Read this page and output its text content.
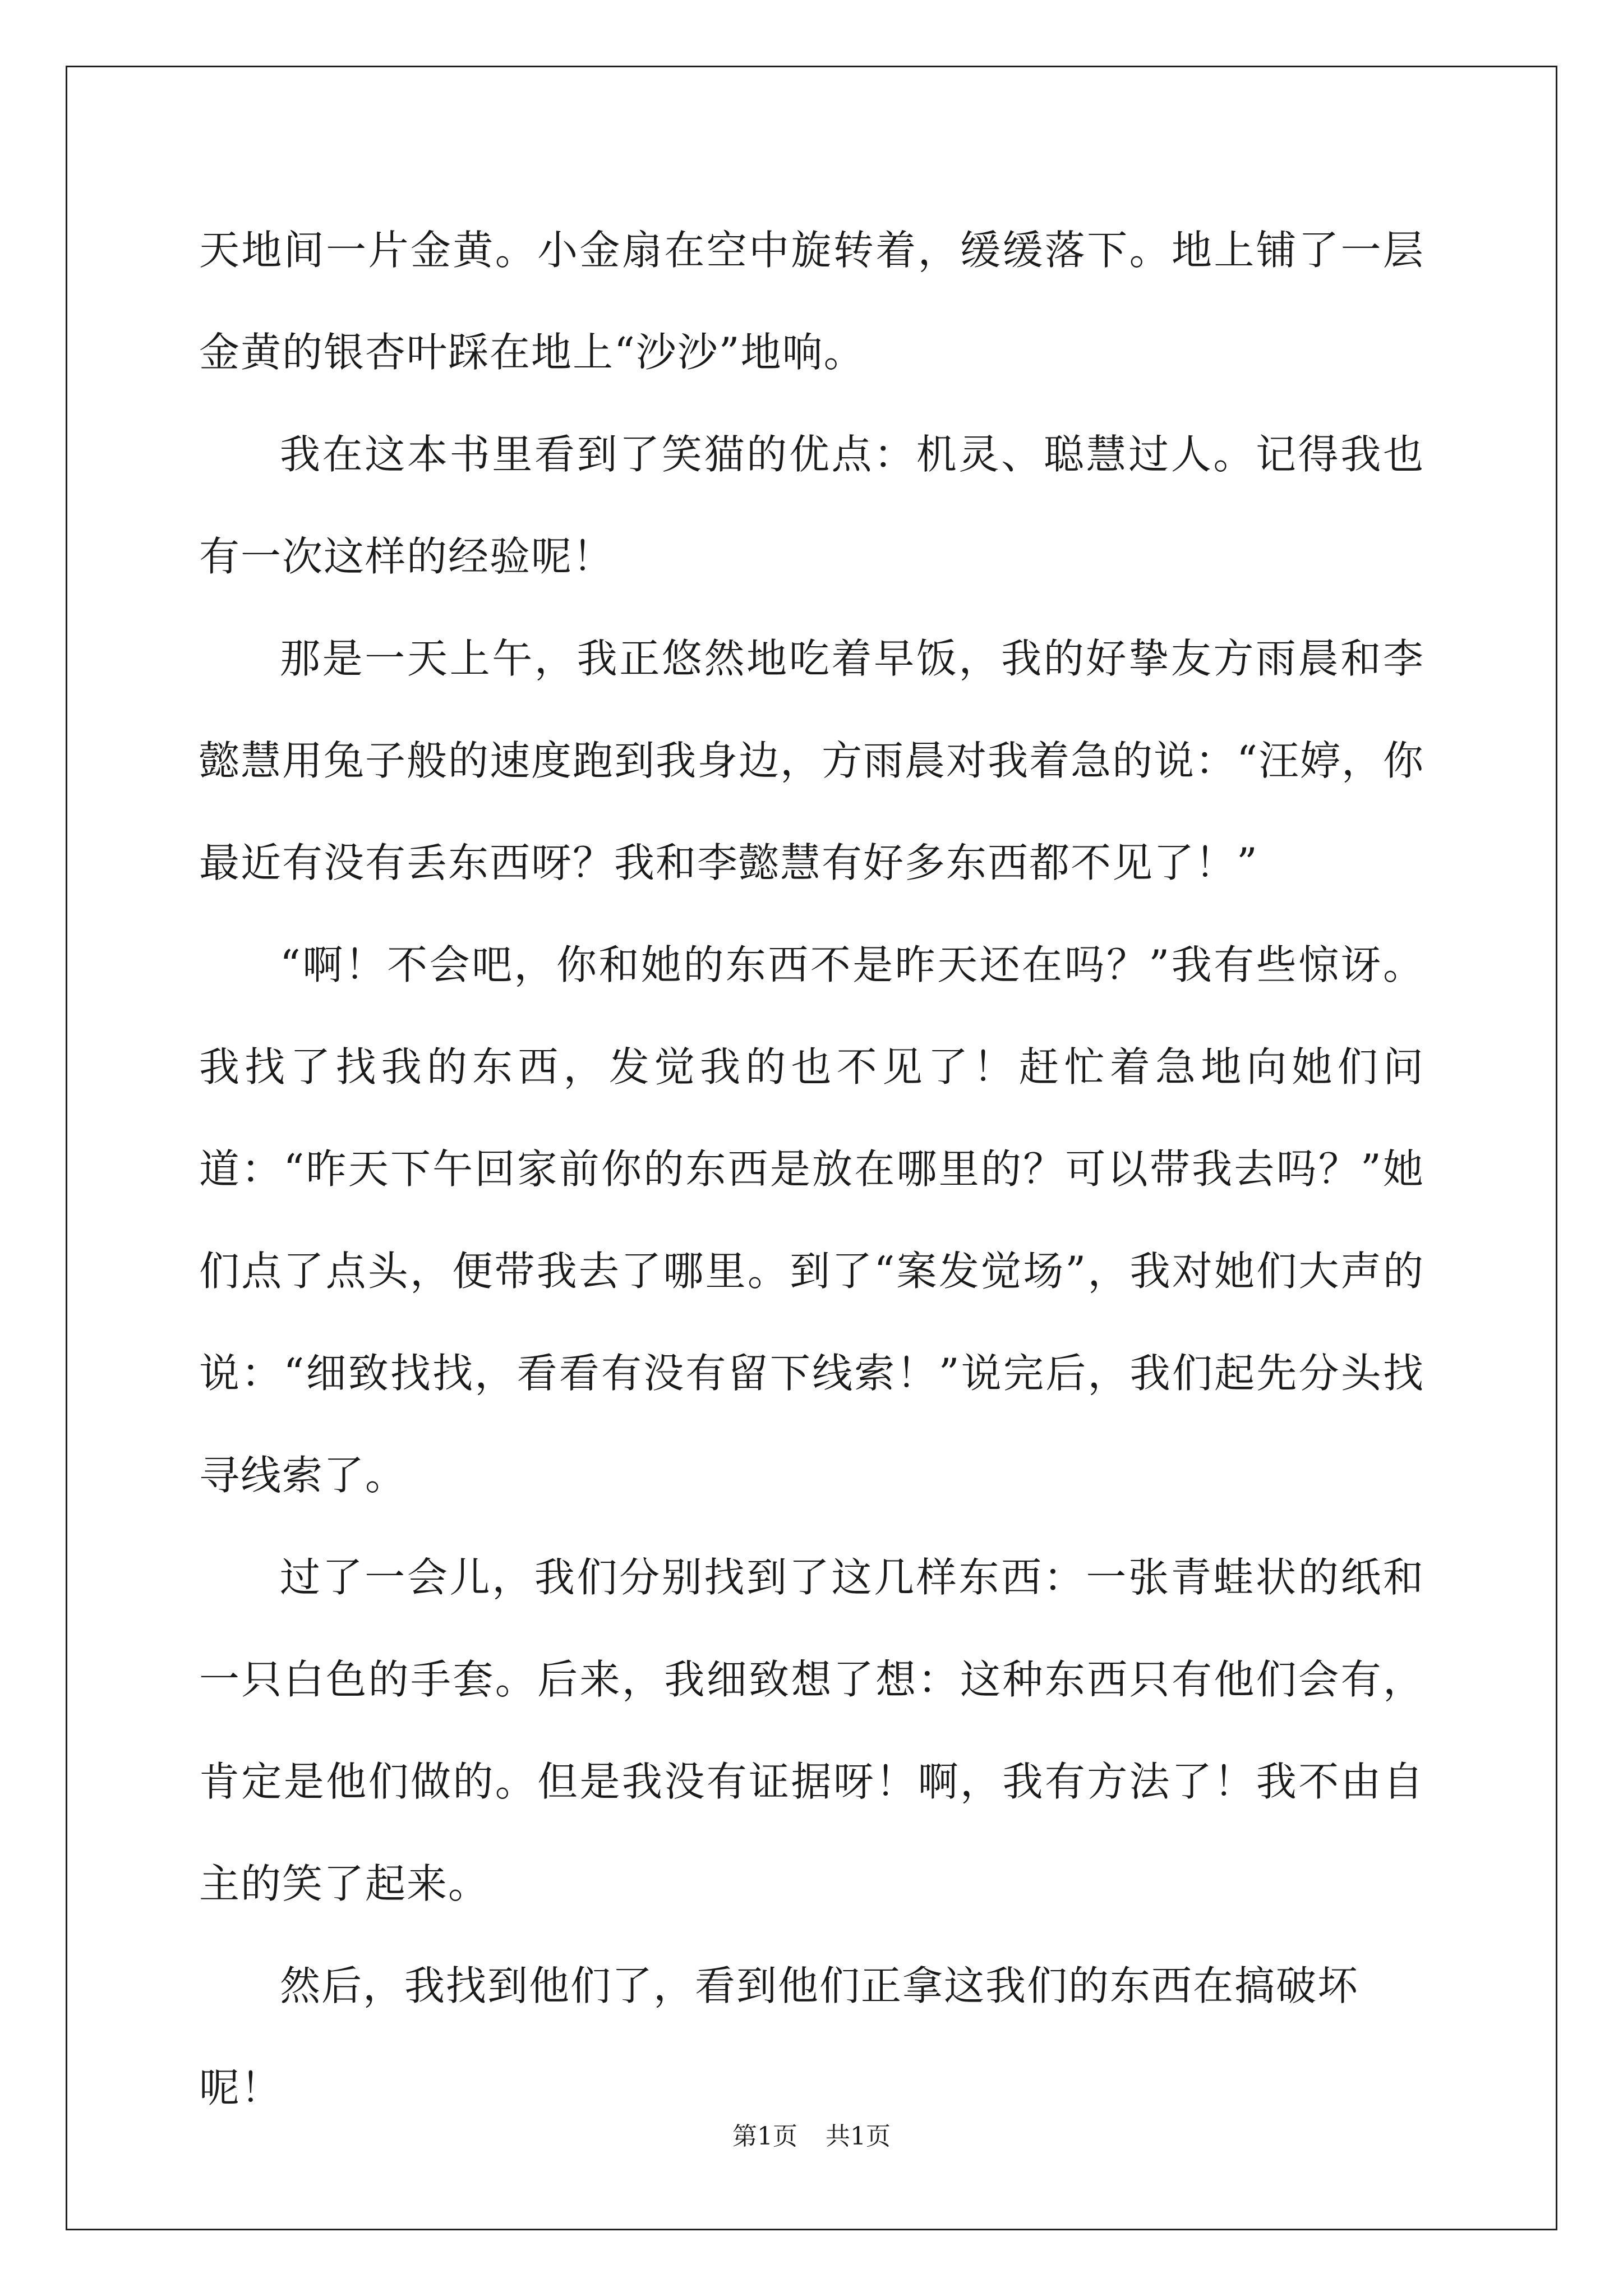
天地间一片金黄。小金扇在空中旋转着，缓缓落下。地上铺了一层金黄的银杏叶踩在地上“沙沙”地响。

我在这本书里看到了笑猫的优点：机灵、聪慧过人。记得我也有一次这样的经验呢！

那是一天上午，我正悠然地吃着早饭，我的好挚友方雨晨和李懿慧用兔子般的速度跑到我身边，方雨晨对我着急的说：“汪婷，你最近有没有丢东西呀？我和李懿慧有好多东西都不见了！”

“啊！不会吧，你和她的东西不是昨天还在吗？”我有些惊讶。我找了找我的东西，发觉我的也不见了！赶忙着急地向她们问道：“昨天下午回家前你的东西是放在哪里的？可以带我去吗？”她们点了点头，便带我去了哪里。到了“案发觉场”，我对她们大声的说：“细致找找，看看有没有留下线索！”说完后，我们起先分头找寻线索了。

过了一会儿，我们分别找到了这几样东西：一张青蛙状的纸和一只白色的手套。后来，我细致想了想：这种东西只有他们会有，肯定是他们做的。但是我没有证据呀！啊，我有方法了！我不由自主的笑了起来。

然后，我找到他们了，看到他们正拿这我们的东西在搞破坏呢！

第1页 共1页
